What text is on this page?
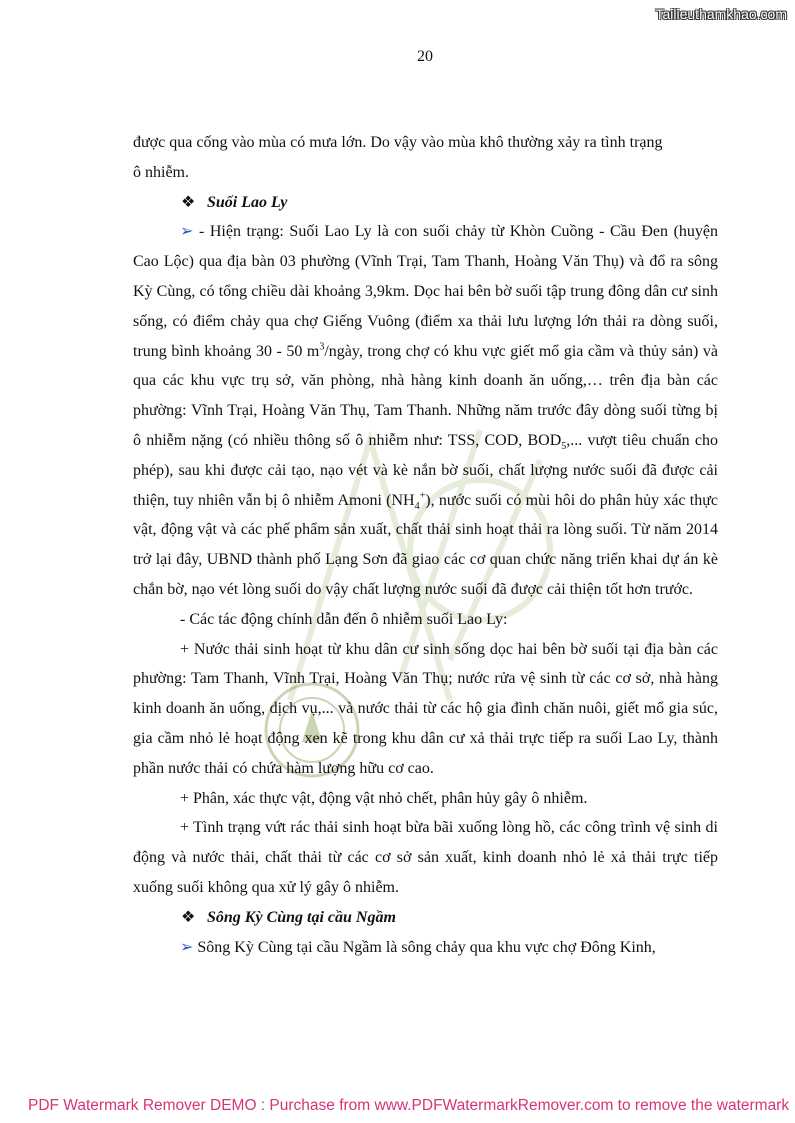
Tailieuthamkhao.com
20

được qua cống vào mùa có mưa lớn. Do vậy vào mùa khô thường xảy ra tình trạng

ô nhiễm.

❖ Suối Lao Ly

➢ - Hiện trạng: Suối Lao Ly là con suối chảy từ Khòn Cuồng - Cầu Đen (huyện Cao Lộc) qua địa bàn 03 phường (Vĩnh Trại, Tam Thanh, Hoàng Văn Thụ) và đổ ra sông Kỳ Cùng, có tổng chiều dài khoảng 3,9km. Dọc hai bên bờ suối tập trung đông dân cư sinh sống, có điểm chảy qua chợ Giếng Vuông (điểm xa thải lưu lượng lớn thải ra dòng suối, trung bình khoảng 30 - 50 $m^3$/ngày, trong chợ có khu vực giết mổ gia cầm và thủy sản) và qua các khu vực trụ sở, văn phòng, nhà hàng kinh doanh ăn uống,… trên địa bàn các phường: Vĩnh Trại, Hoàng Văn Thụ, Tam Thanh. Những năm trước đây dòng suối từng bị ô nhiễm nặng (có nhiều thông số ô nhiễm như: TSS, COD, $BOD_5$,... vượt tiêu chuẩn cho phép), sau khi được cải tạo, nạo vét và kè nắn bờ suối, chất lượng nước suối đã được cải thiện, tuy nhiên vẫn bị ô nhiễm Amoni $(NH_4^+)$, nước suối có mùi hôi do phân hủy xác thực vật, động vật và các phế phẩm sản xuất, chất thải sinh hoạt thải ra lòng suối. Từ năm 2014 trở lại đây, UBND thành phố Lạng Sơn đã giao các cơ quan chức năng triển khai dự án kè chắn bờ, nạo vét lòng suối do vậy chất lượng nước suối đã được cải thiện tốt hơn trước.

- Các tác động chính dẫn đến ô nhiễm suối Lao Ly:

+ Nước thải sinh hoạt từ khu dân cư sinh sống dọc hai bên bờ suối tại địa bàn các phường: Tam Thanh, Vĩnh Trại, Hoàng Văn Thụ; nước rửa vệ sinh từ các cơ sở, nhà hàng kinh doanh ăn uống, dịch vụ,... và nước thải từ các hộ gia đình chăn nuôi, giết mổ gia súc, gia cầm nhỏ lẻ hoạt động xen kẽ trong khu dân cư xả thải trực tiếp ra suối Lao Ly, thành phần nước thải có chứa hàm lượng hữu cơ cao.

+ Phân, xác thực vật, động vật nhỏ chết, phân hủy gây ô nhiễm.

+ Tình trạng vứt rác thải sinh hoạt bừa bãi xuống lòng hồ, các công trình vệ sinh di động và nước thải, chất thải từ các cơ sở sản xuất, kinh doanh nhỏ lẻ xả thải trực tiếp xuống suối không qua xử lý gây ô nhiễm.

❖ Sông Kỳ Cùng tại cầu Ngầm

➢ Sông Kỳ Cùng tại cầu Ngầm là sông chảy qua khu vực chợ Đông Kinh,

PDF Watermark Remover DEMO : Purchase from www.PDFWatermarkRemover.com to remove the watermark
